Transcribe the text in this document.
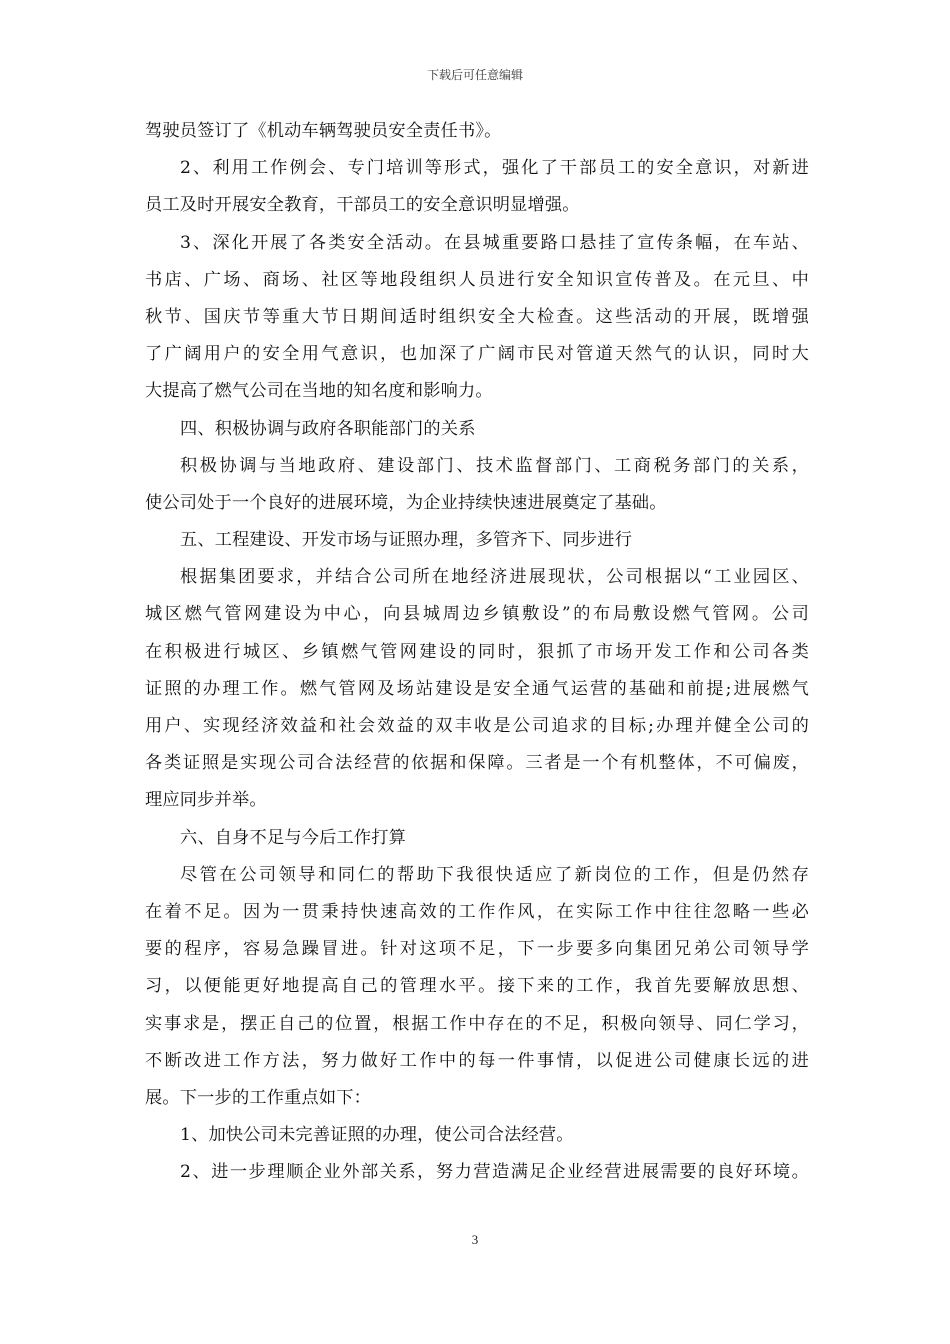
下载后可任意编辑
驾驶员签订了《机动车辆驾驶员安全责任书》。
2、利用工作例会、专门培训等形式，强化了干部员工的安全意识，对新进
员工及时开展安全教育，干部员工的安全意识明显增强。
3、深化开展了各类安全活动。在县城重要路口悬挂了宣传条幅，在车站、
书店、广场、商场、社区等地段组织人员进行安全知识宣传普及。在元旦、中
秋节、国庆节等重大节日期间适时组织安全大检查。这些活动的开展，既增强
了广阔用户的安全用气意识，也加深了广阔市民对管道天然气的认识，同时大
大提高了燃气公司在当地的知名度和影响力。
四、积极协调与政府各职能部门的关系
积极协调与当地政府、建设部门、技术监督部门、工商税务部门的关系，
使公司处于一个良好的进展环境，为企业持续快速进展奠定了基础。
五、工程建设、开发市场与证照办理，多管齐下、同步进行
根据集团要求，并结合公司所在地经济进展现状，公司根据以“工业园区、
城区燃气管网建设为中心，向县城周边乡镇敷设”的布局敷设燃气管网。公司
在积极进行城区、乡镇燃气管网建设的同时，狠抓了市场开发工作和公司各类
证照的办理工作。燃气管网及场站建设是安全通气运营的基础和前提;进展燃气
用户、实现经济效益和社会效益的双丰收是公司追求的目标;办理并健全公司的
各类证照是实现公司合法经营的依据和保障。三者是一个有机整体，不可偏废，
理应同步并举。
六、自身不足与今后工作打算
尽管在公司领导和同仁的帮助下我很快适应了新岗位的工作，但是仍然存
在着不足。因为一贯秉持快速高效的工作作风，在实际工作中往往忽略一些必
要的程序，容易急躁冒进。针对这项不足，下一步要多向集团兄弟公司领导学
习，以便能更好地提高自己的管理水平。接下来的工作，我首先要解放思想、
实事求是，摆正自己的位置，根据工作中存在的不足，积极向领导、同仁学习，
不断改进工作方法，努力做好工作中的每一件事情，以促进公司健康长远的进
展。下一步的工作重点如下：
1、加快公司未完善证照的办理，使公司合法经营。
2、进一步理顺企业外部关系，努力营造满足企业经营进展需要的良好环境。
3
